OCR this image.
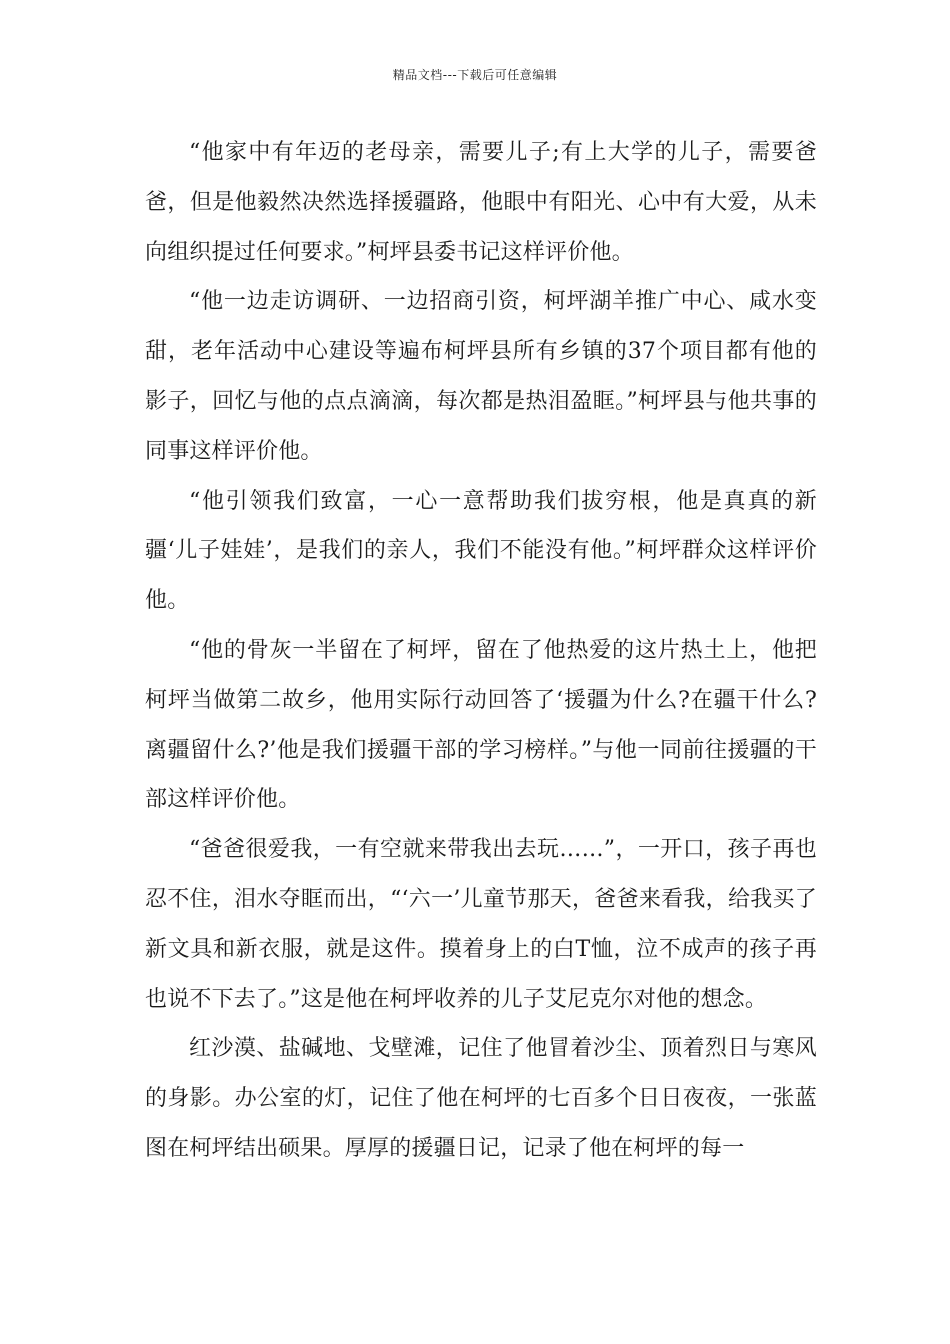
精品文档---下载后可任意编辑

“他家中有年迈的老母亲，需要儿子;有上大学的儿子，需要爸爸，但是他毅然决然选择援疆路，他眼中有阳光、心中有大爱，从未向组织提过任何要求。”柯坪县委书记这样评价他。

“他一边走访调研、一边招商引资，柯坪湖羊推广中心、咸水变甜，老年活动中心建设等遍布柯坪县所有乡镇的37个项目都有他的影子，回忆与他的点点滴滴，每次都是热泪盈眶。”柯坪县与他共事的同事这样评价他。

“他引领我们致富，一心一意帮助我们拔穷根，他是真真的新疆‘儿子娃娃’，是我们的亲人，我们不能没有他。”柯坪群众这样评价他。

“他的骨灰一半留在了柯坪，留在了他热爱的这片热土上，他把柯坪当做第二故乡，他用实际行动回答了‘援疆为什么?在疆干什么?离疆留什么?’他是我们援疆干部的学习榜样。”与他一同前往援疆的干部这样评价他。

“爸爸很爱我，一有空就来带我出去玩……”，一开口，孩子再也忍不住，泪水夺眶而出，“‘六一’儿童节那天，爸爸来看我，给我买了新文具和新衣服，就是这件。摸着身上的白T恤，泣不成声的孩子再也说不下去了。”这是他在柯坪收养的儿子艾尼克尔对他的想念。

红沙漠、盐碱地、戈壁滩，记住了他冒着沙尘、顶着烈日与寒风的身影。办公室的灯，记住了他在柯坪的七百多个日日夜夜，一张蓝图在柯坪结出硕果。厚厚的援疆日记，记录了他在柯坪的每一
